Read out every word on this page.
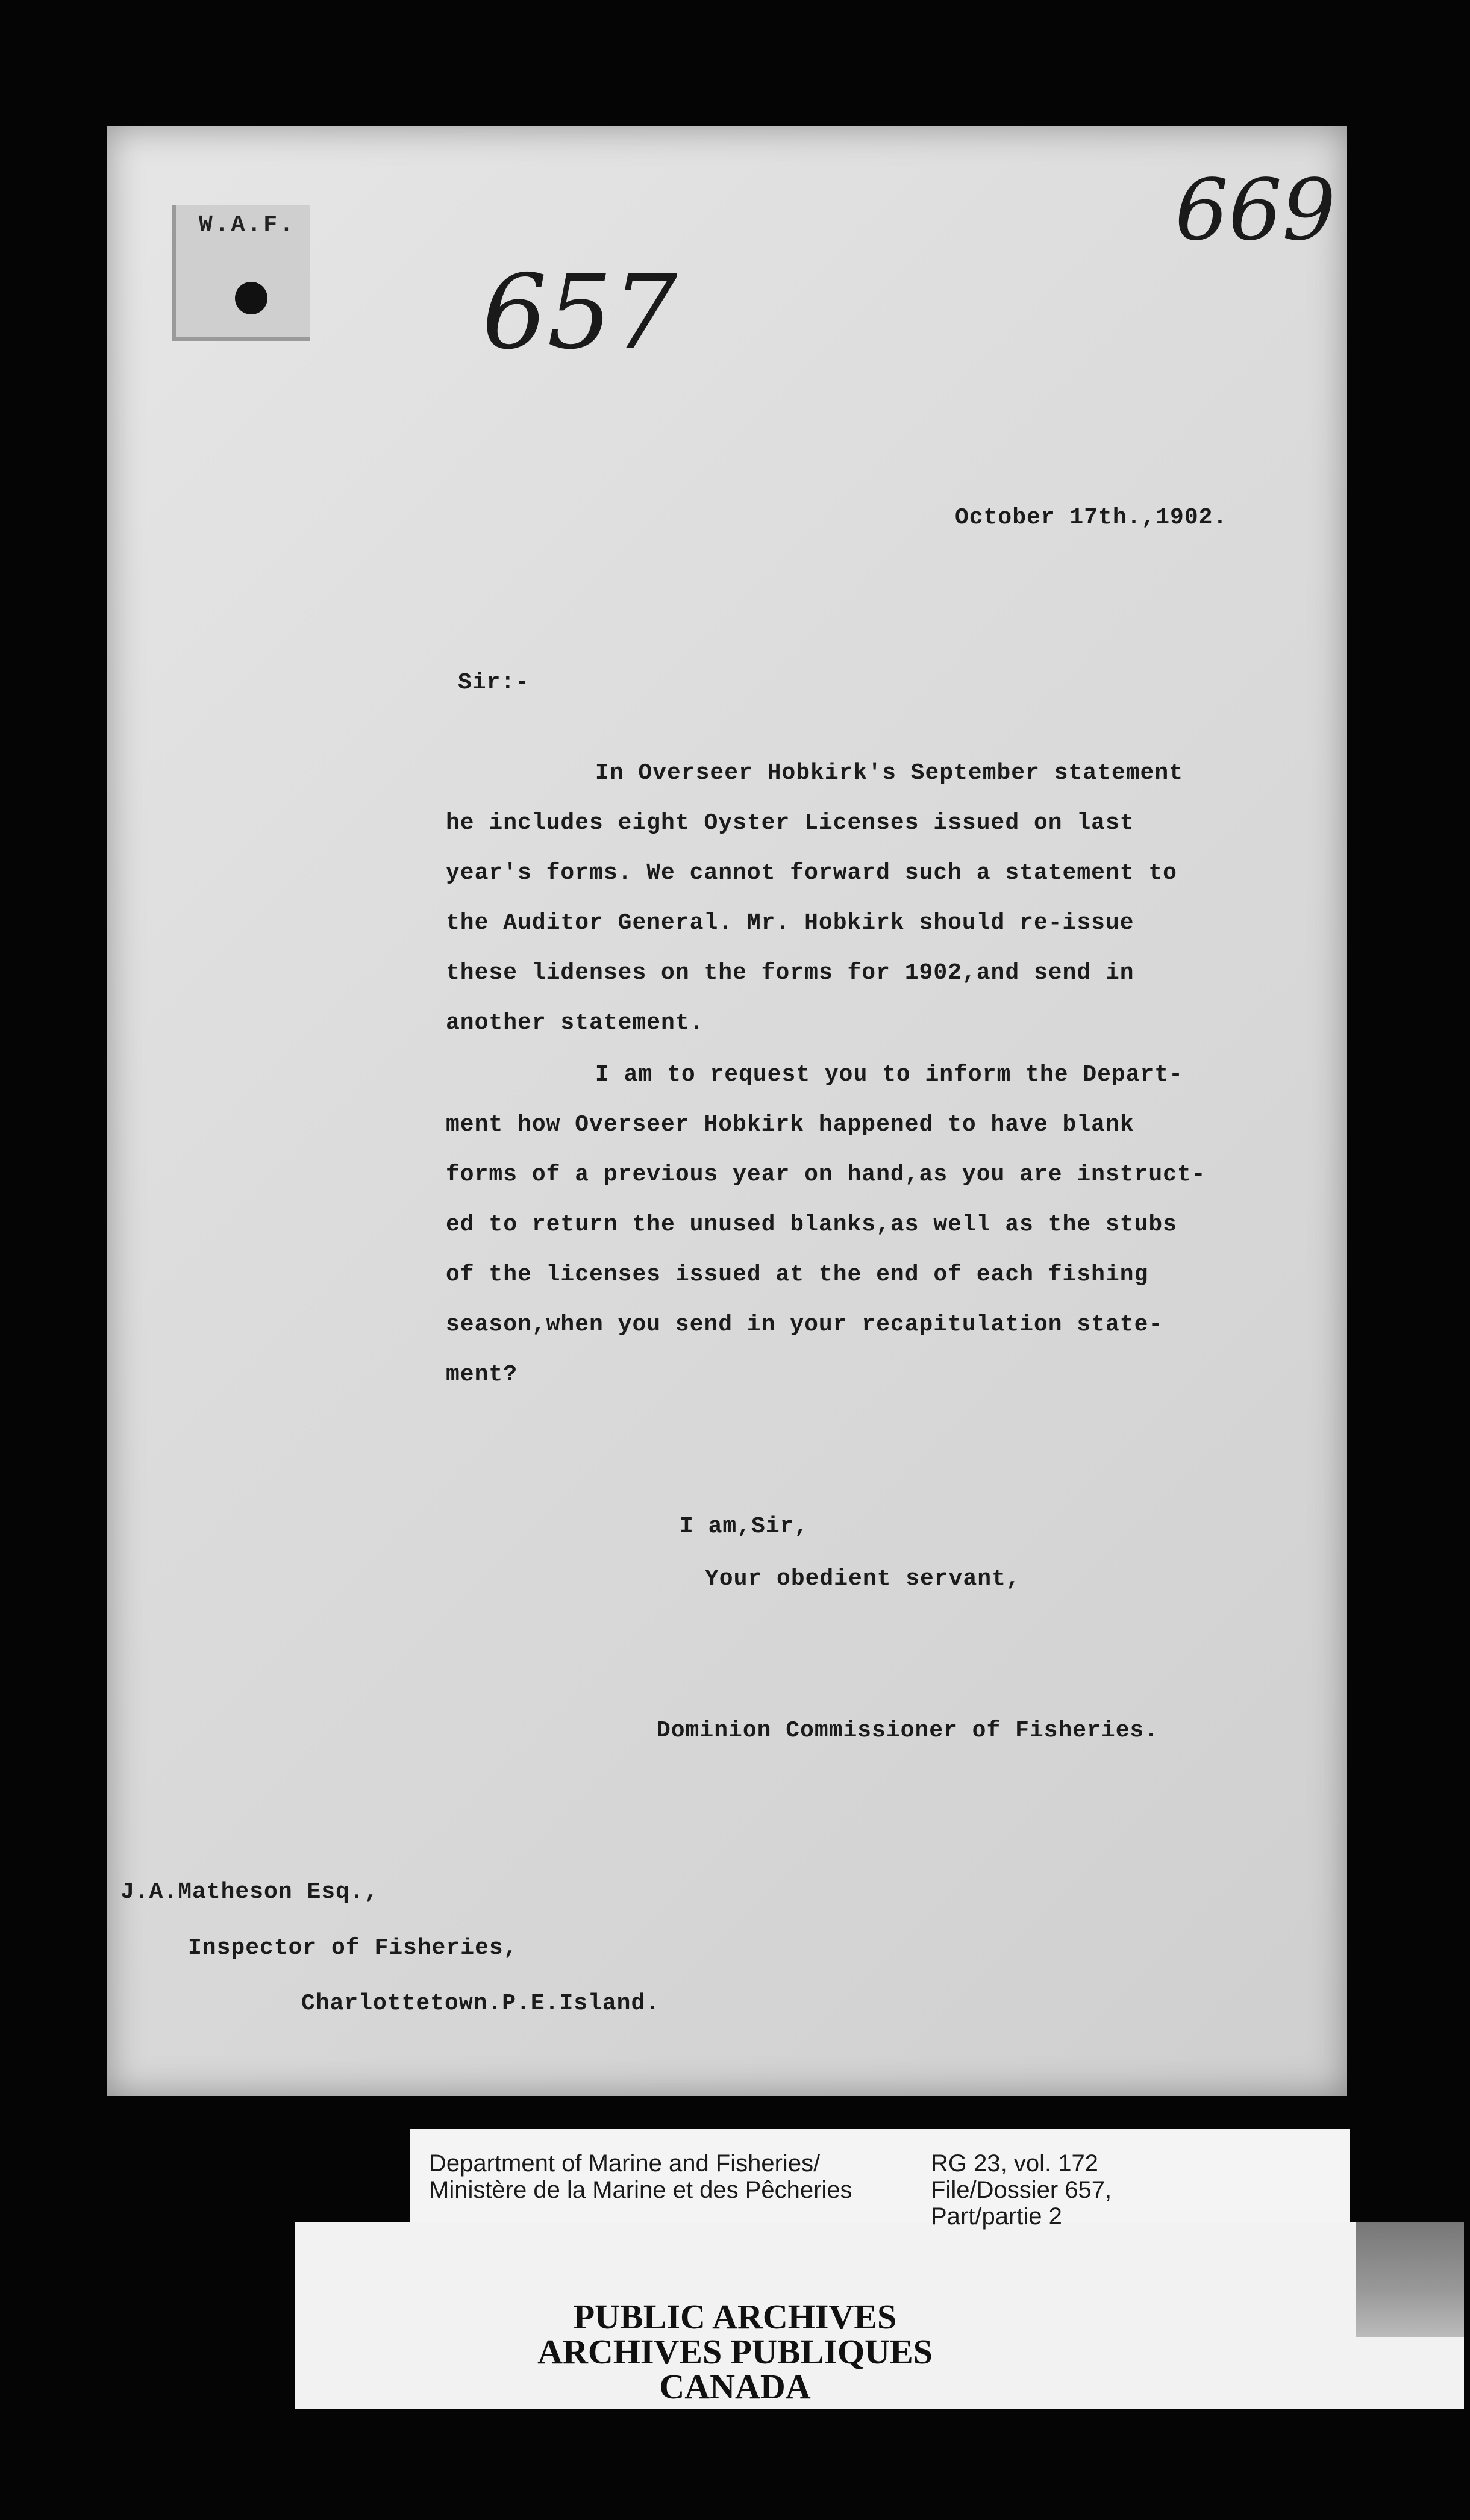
W.A.F.
657
669
October 17th.,1902.
Sir:-
In Overseer Hobkirk's September statement
he includes eight Oyster Licenses issued on last
year's forms. We cannot forward such a statement to
the Auditor General. Mr. Hobkirk should re-issue
these lidenses on the forms for 1902,and send in
another statement.
I am to request you to inform the Depart-
ment how Overseer Hobkirk happened to have blank
forms of a previous year on hand,as you are instruct-
ed to return the unused blanks,as well as the stubs
of the licenses issued at the end of each fishing
season,when you send in your recapitulation state-
ment?
I am,Sir,
Your obedient servant,
Dominion Commissioner of Fisheries.
J.A.Matheson Esq.,
Inspector of Fisheries,
Charlottetown.P.E.Island.
Department of Marine and Fisheries/
Ministère de la Marine et des Pêcheries
RG 23, vol. 172
File/Dossier 657,
Part/partie 2
PUBLIC ARCHIVES
ARCHIVES PUBLIQUES
CANADA
